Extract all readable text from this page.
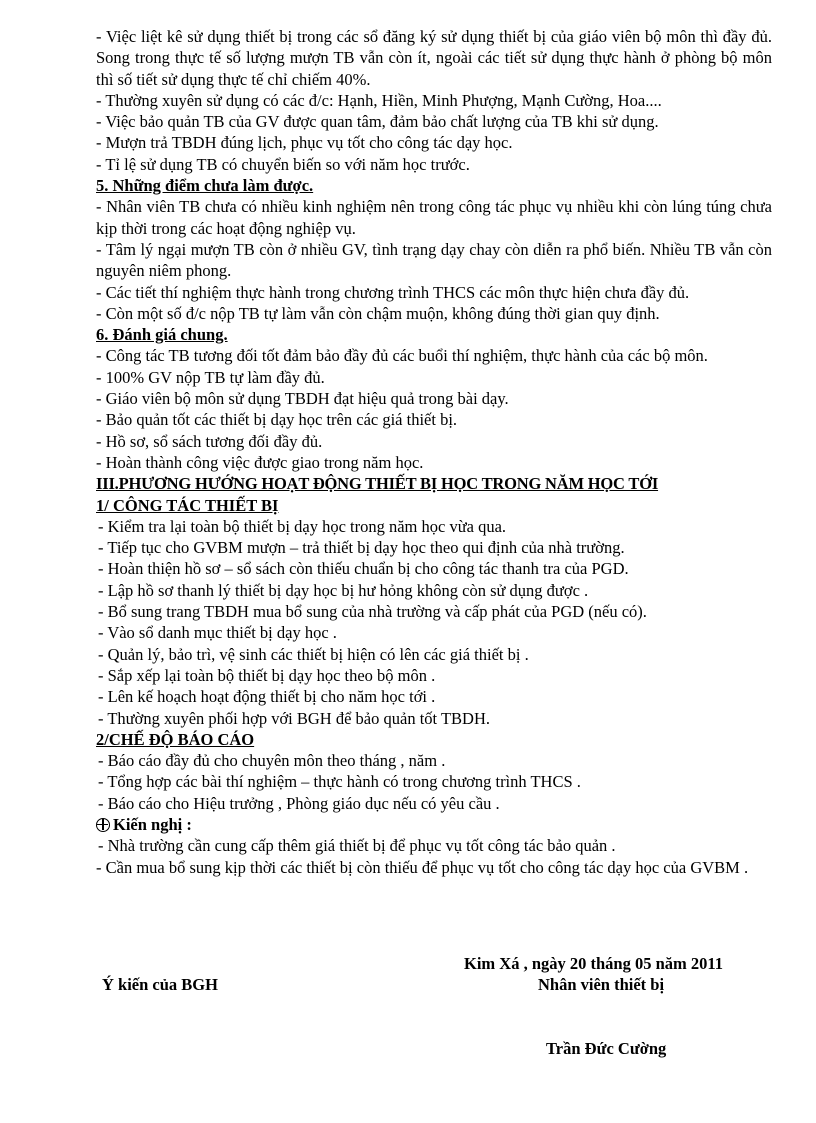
- Việc liệt kê sử dụng thiết bị trong các sổ đăng ký sử dụng thiết bị của giáo viên bộ môn thì đầy đủ. Song trong thực tế số lượng mượn TB vẫn còn ít, ngoài các tiết sử dụng thực hành ở phòng bộ môn thì số tiết sử dụng thực tế chỉ chiếm 40%.

- Thường xuyên sử dụng có các đ/c: Hạnh, Hiền, Minh Phượng, Mạnh Cường, Hoa....

- Việc bảo quản TB của GV được quan tâm, đảm bảo chất lượng của TB khi sử dụng.

- Mượn trả TBDH đúng lịch, phục vụ tốt cho công tác dạy học.

- Tỉ lệ sử dụng TB có chuyển biến so với năm học trước.

5. Những điểm chưa làm được.

- Nhân viên TB chưa có nhiều kinh nghiệm nên trong công tác phục vụ nhiều khi còn lúng túng chưa kịp thời trong các hoạt động nghiệp vụ.

- Tâm lý ngại mượn TB còn ở nhiều GV, tình trạng dạy chay còn diễn ra phổ biến. Nhiều TB vẫn còn nguyên niêm phong.

- Các tiết thí nghiệm thực hành trong chương trình THCS các môn thực hiện chưa đầy đủ.

- Còn một số đ/c nộp TB tự làm vẫn còn chậm muộn, không đúng thời gian quy định.

6. Đánh giá chung.

- Công tác TB tương đối tốt đảm bảo đầy đủ các buổi thí nghiệm, thực hành của các bộ môn.

- 100% GV nộp TB tự làm đầy đủ.

- Giáo viên bộ môn sử dụng TBDH đạt hiệu quả trong bài dạy.

- Bảo quản tốt các thiết bị dạy học trên các giá thiết bị.

- Hồ sơ, sổ sách tương đối đầy đủ.

- Hoàn thành công việc được giao trong năm học.

III.PHƯƠNG HƯỚNG HOẠT ĐỘNG THIẾT BỊ HỌC TRONG NĂM HỌC TỚI

1/ CÔNG TÁC THIẾT BỊ

- Kiểm tra lại toàn bộ thiết bị dạy học trong năm học vừa qua.

- Tiếp tục cho GVBM mượn – trả thiết bị dạy học theo qui định của nhà trường.

- Hoàn thiện hồ sơ – sổ sách còn thiếu chuẩn bị cho công tác thanh tra của PGD.

- Lập hồ sơ thanh lý thiết bị dạy học bị hư hỏng không còn sử dụng được .

- Bổ sung trang TBDH mua bổ sung của nhà trường và cấp phát của PGD (nếu có).

- Vào sổ danh mục thiết bị dạy học .

- Quản lý, bảo trì, vệ sinh các thiết bị hiện có lên các giá thiết bị .

- Sắp xếp lại toàn bộ thiết bị dạy học theo bộ môn .

- Lên kế hoạch hoạt động thiết bị cho năm học tới .

- Thường xuyên phối hợp với BGH để bảo quản tốt TBDH.

2/CHẾ ĐỘ BÁO CÁO

- Báo cáo đầy đủ cho chuyên môn theo tháng , năm .

- Tổng hợp các bài thí nghiệm – thực hành có trong chương trình THCS .

- Báo cáo cho Hiệu trưởng , Phòng giáo dục nếu có yêu cầu .

Kiến nghị :

- Nhà trường cần cung cấp thêm giá thiết bị để phục vụ tốt công tác bảo quản .

- Cần mua bổ sung kịp thời các thiết bị còn thiếu để phục vụ tốt cho công tác dạy học của GVBM .

Kim Xá , ngày 20 tháng 05 năm 2011
Ý kiến của BGH	Nhân viên thiết bị
Trần Đức Cường
